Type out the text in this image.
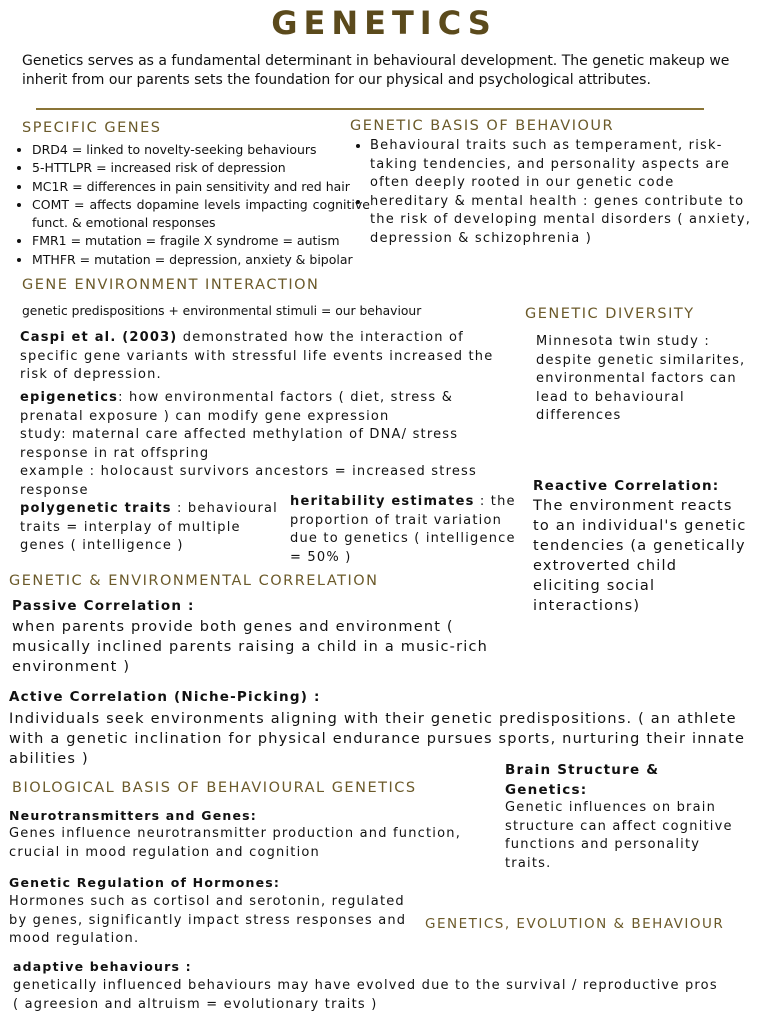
GENETICS
Genetics serves as a fundamental determinant in behavioural development. The genetic makeup we inherit from our parents sets the foundation for our physical and psychological attributes.
SPECIFIC GENES
• DRD4 = linked to novelty-seeking behaviours
• 5-HTTLPR = increased risk of depression
• MC1R = differences in pain sensitivity and red hair
• COMT = affects dopamine levels impacting cognitive funct. & emotional responses
• FMR1 = mutation = fragile X syndrome = autism
• MTHFR = mutation = depression, anxiety & bipolar
GENETIC BASIS OF BEHAVIOUR
• Behavioural traits such as temperament, risk-taking tendencies, and personality aspects are often deeply rooted in our genetic code
• hereditary & mental health : genes contribute to the risk of developing mental disorders ( anxiety, depression & schizophrenia )
GENE ENVIRONMENT INTERACTION
genetic predispositions + environmental stimuli = our behaviour
Caspi et al. (2003) demonstrated how the interaction of specific gene variants with stressful life events increased the risk of depression.
epigenetics: how environmental factors ( diet, stress & prenatal exposure ) can modify gene expression
study: maternal care affected methylation of DNA/ stress response in rat offspring
example : holocaust survivors ancestors = increased stress response
polygenetic traits : behavioural traits = interplay of multiple genes ( intelligence )
heritability estimates : the proportion of trait variation due to genetics ( intelligence = 50% )
GENETIC DIVERSITY
Minnesota twin study : despite genetic similarites, environmental factors can lead to behavioural differences
Reactive Correlation:
The environment reacts to an individual's genetic tendencies (a genetically extroverted child eliciting social interactions)
GENETIC & ENVIRONMENTAL CORRELATION
Passive Correlation :
when parents provide both genes and environment ( musically inclined parents raising a child in a music-rich environment )
Active Correlation (Niche-Picking) :
Individuals seek environments aligning with their genetic predispositions. ( an athlete with a genetic inclination for physical endurance pursues sports, nurturing their innate abilities )
BIOLOGICAL BASIS OF BEHAVIOURAL GENETICS
Neurotransmitters and Genes:
Genes influence neurotransmitter production and function, crucial in mood regulation and cognition
Genetic Regulation of Hormones:
Hormones such as cortisol and serotonin, regulated by genes, significantly impact stress responses and mood regulation.
Brain Structure & Genetics:
Genetic influences on brain structure can affect cognitive functions and personality traits.
GENETICS, EVOLUTION & BEHAVIOUR
adaptive behaviours :
genetically influenced behaviours may have evolved due to the survival / reproductive pros ( agreesion and altruism = evolutionary traits )
